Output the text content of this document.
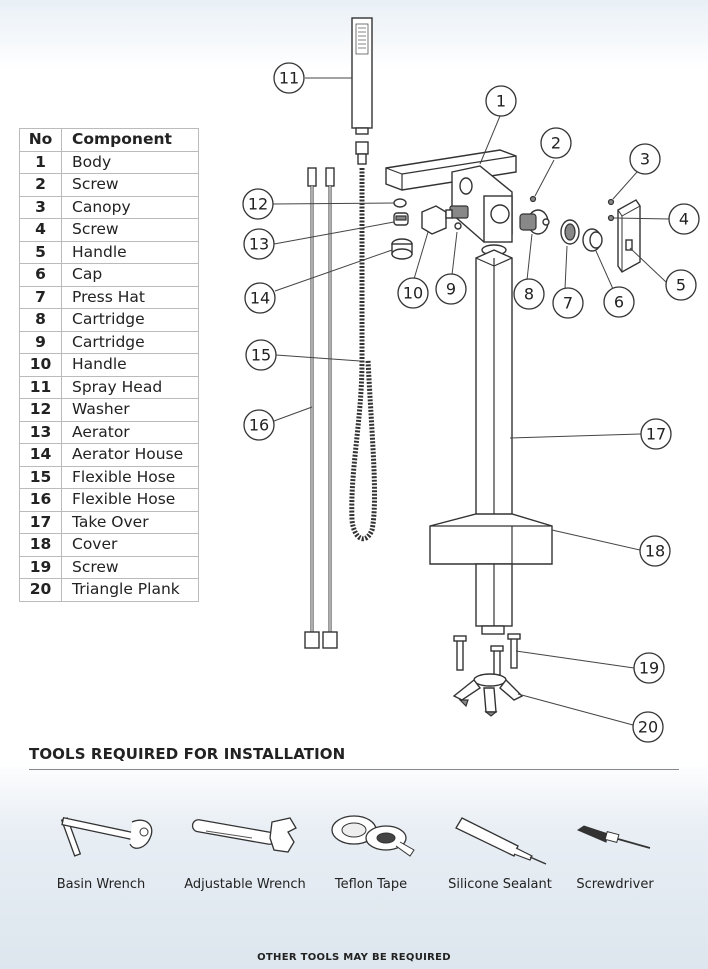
11
1
2
3
4
5
6
7
8
9
10
12
13
14
15
16	17
18
19
20
No	Component
1	Body
2	Screw
3	Canopy
4	Screw
5	Handle
6	Cap
7	Press Hat
8	Cartridge
9	Cartridge
10	Handle
11	Spray Head
12	Washer
13	Aerator
14	Aerator House
15	Flexible Hose
16	Flexible Hose
17	Take Over
18	Cover
19	Screw
20	Triangle Plank
TOOLS REQUIRED FOR INSTALLATION
Basin Wrench	Adjustable Wrench	Teflon Tape	Silicone Sealant	Screwdriver
OTHER TOOLS MAY BE REQUIRED
